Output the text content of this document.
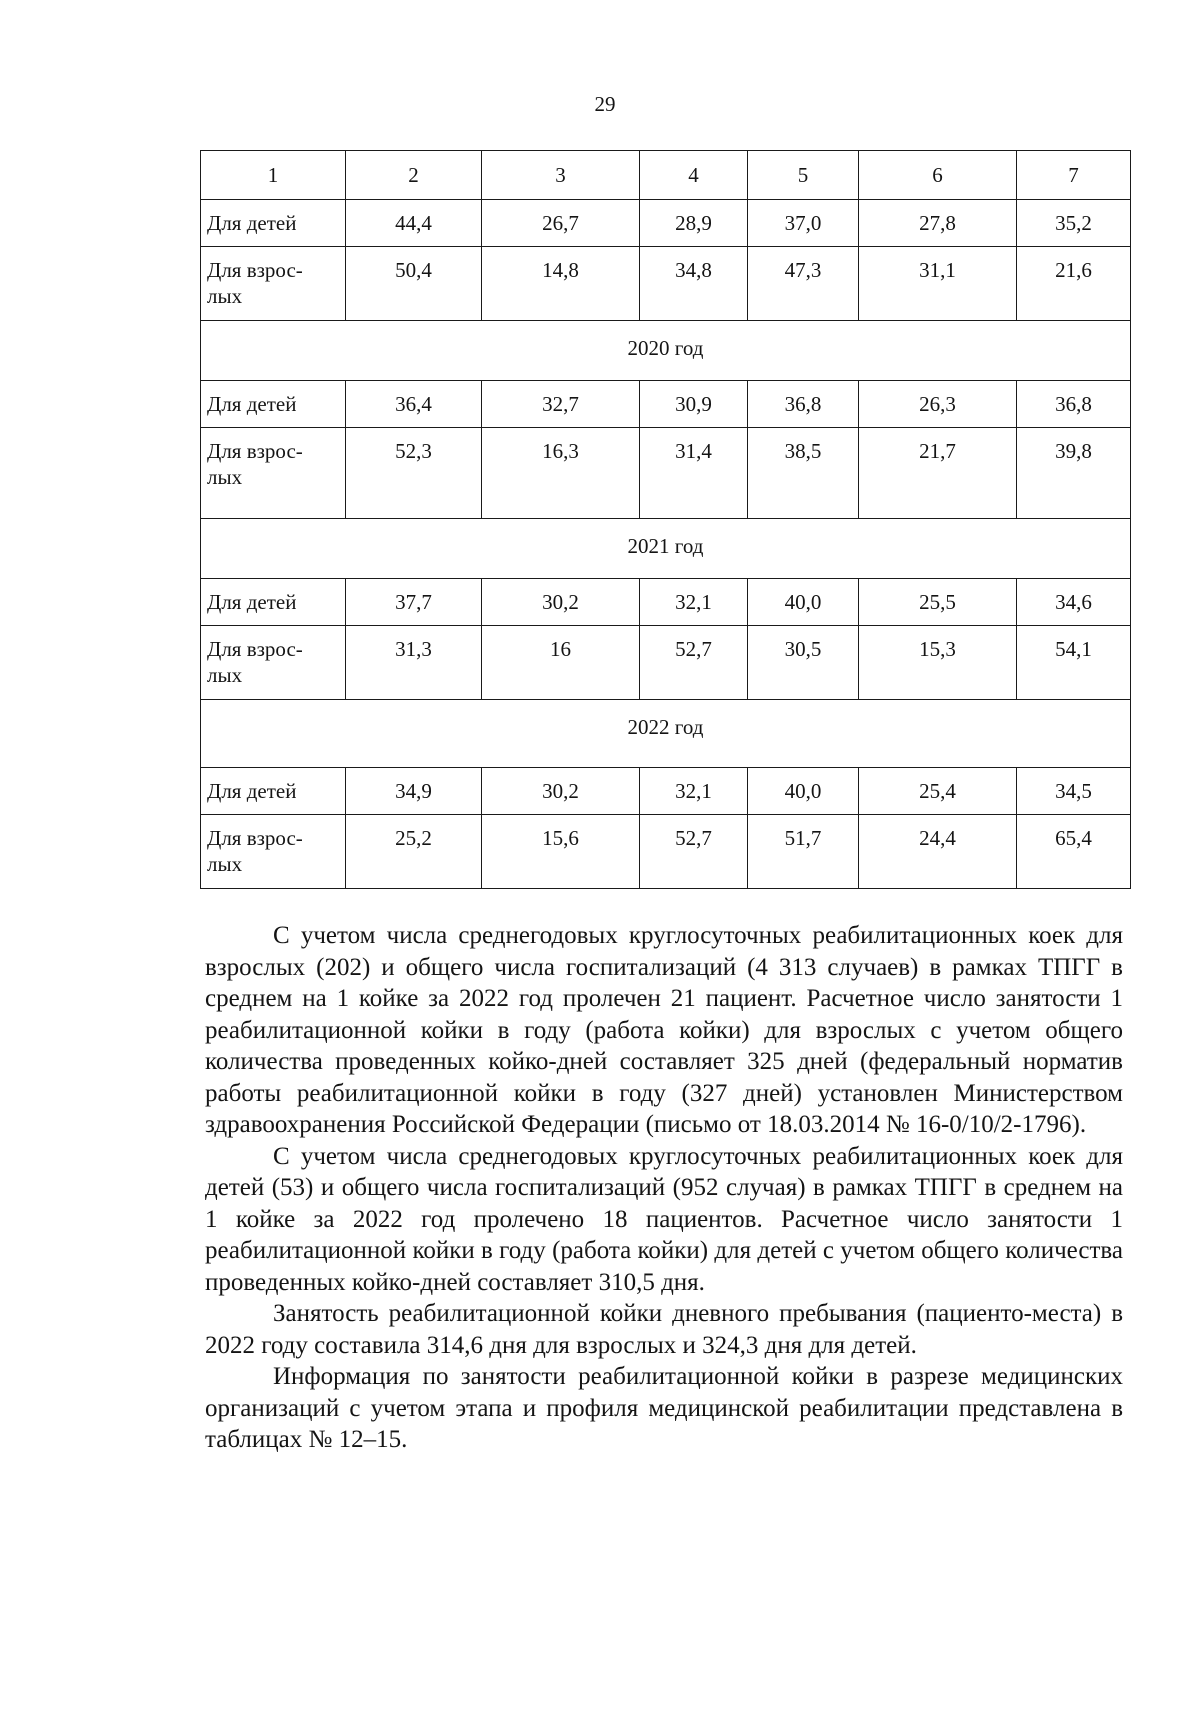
29
1	2	3	4	5	6	7
Для детей	44,4	26,7	28,9	37,0	27,8	35,2
Для взрос-
лых	50,4	14,8	34,8	47,3	31,1	21,6
2020 год						
Для детей	36,4	32,7	30,9	36,8	26,3	36,8
Для взрос-
лых	52,3	16,3	31,4	38,5	21,7	39,8
2021 год						
Для детей	37,7	30,2	32,1	40,0	25,5	34,6
Для взрос-
лых	31,3	16	52,7	30,5	15,3	54,1
2022 год						
Для детей	34,9	30,2	32,1	40,0	25,4	34,5
Для взрос-
лых	25,2	15,6	52,7	51,7	24,4	65,4

С учетом числа среднегодовых круглосуточных реабилитационных коек для взрослых (202) и общего числа госпитализаций (4 313 случаев) в рамках ТПГГ в среднем на 1 койке за 2022 год пролечен 21 пациент. Расчетное число занятости 1 реабилитационной койки в году (работа койки) для взрослых с учетом общего количества проведенных койко-дней составляет 325 дней (федеральный норматив работы реабилитационной койки в году (327 дней) установлен Министерством здравоохранения Российской Федерации (письмо от 18.03.2014 № 16-0/10/2-1796).

С учетом числа среднегодовых круглосуточных реабилитационных коек для детей (53) и общего числа госпитализаций (952 случая) в рамках ТПГГ в среднем на 1 койке за 2022 год пролечено 18 пациентов. Расчетное число занятости 1 реабилитационной койки в году (работа койки) для детей с учетом общего количества проведенных койко-дней составляет 310,5 дня.

Занятость реабилитационной койки дневного пребывания (пациенто-места) в 2022 году составила 314,6 дня для взрослых и 324,3 дня для детей.

Информация по занятости реабилитационной койки в разрезе медицинских организаций с учетом этапа и профиля медицинской реабилитации представлена в таблицах № 12–15.
